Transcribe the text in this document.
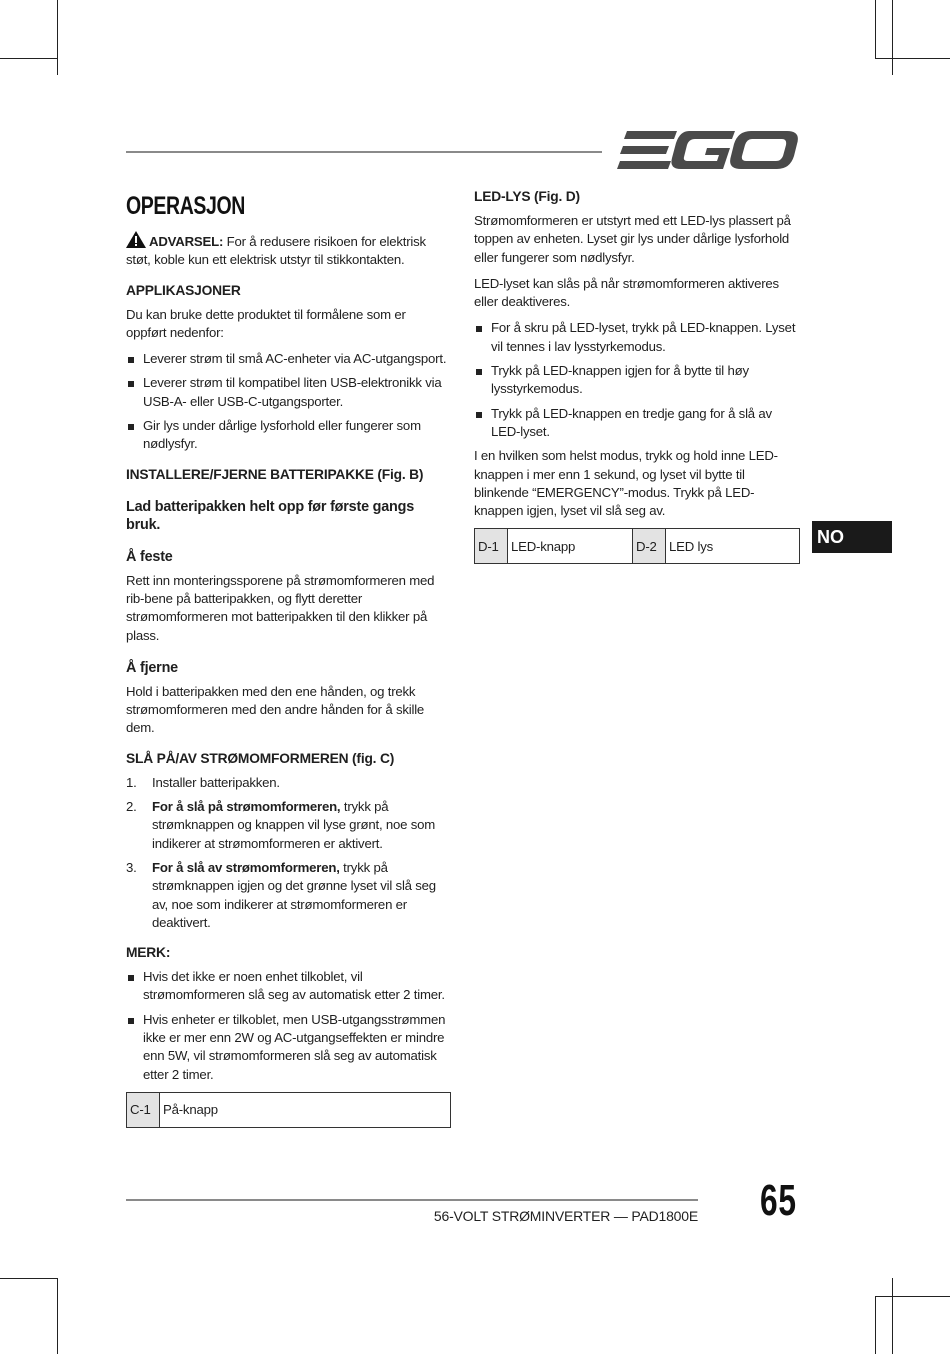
OPERASJON

ADVARSEL: For å redusere risikoen for elektrisk støt, koble kun ett elektrisk utstyr til stikkontakten.

APPLIKASJONER

Du kan bruke dette produktet til formålene som er oppført nedenfor:

Leverer strøm til små AC-enheter via AC-utgangsport.
Leverer strøm til kompatibel liten USB-elektronikk via USB-A- eller USB-C-utgangsporter.
Gir lys under dårlige lysforhold eller fungerer som nødlysfyr.
INSTALLERE/FJERNE BATTERIPAKKE (Fig. B)
Lad batteripakken helt opp før første gangs bruk.
Å feste

Rett inn monteringssporene på strømomformeren med rib-bene på batteripakken, og flytt deretter strømomformeren mot batteripakken til den klikker på plass.

Å fjerne

Hold i batteripakken med den ene hånden, og trekk strømomformeren med den andre hånden for å skille dem.

SLÅ PÅ/AV STRØMOMFORMEREN (fig. C)
1. Installer batteripakken.
2. For å slå på strømomformeren, trykk på strømknappen og knappen vil lyse grønt, noe som indikerer at strømomformeren er aktivert.
3. For å slå av strømomformeren, trykk på strømknappen igjen og det grønne lyset vil slå seg av, noe som indikerer at strømomformeren er deaktivert.
MERK:
Hvis det ikke er noen enhet tilkoblet, vil strømomformeren slå seg av automatisk etter 2 timer.
Hvis enheter er tilkoblet, men USB-utgangsstrømmen ikke er mer enn 2W og AC-utgangseffekten er mindre enn 5W, vil strømomformeren slå seg av automatisk etter 2 timer.
C-1	På-knapp
LED-LYS (Fig. D)

Strømomformeren er utstyrt med ett LED-lys plassert på toppen av enheten. Lyset gir lys under dårlige lysforhold eller fungerer som nødlysfyr.

LED-lyset kan slås på når strømomformeren aktiveres eller deaktiveres.

For å skru på LED-lyset, trykk på LED-knappen. Lyset vil tennes i lav lysstyrkemodus.
Trykk på LED-knappen igjen for å bytte til høy lysstyrkemodus.
Trykk på LED-knappen en tredje gang for å slå av LED-lyset.

I en hvilken som helst modus, trykk og hold inne LED-knappen i mer enn 1 sekund, og lyset vil bytte til blinkende “EMERGENCY”-modus. Trykk på LED-knappen igjen, lyset vil slå seg av.

D-1	LED-knapp	D-2	LED lys	NO
56-VOLT STRØMINVERTER — PAD1800E 65
